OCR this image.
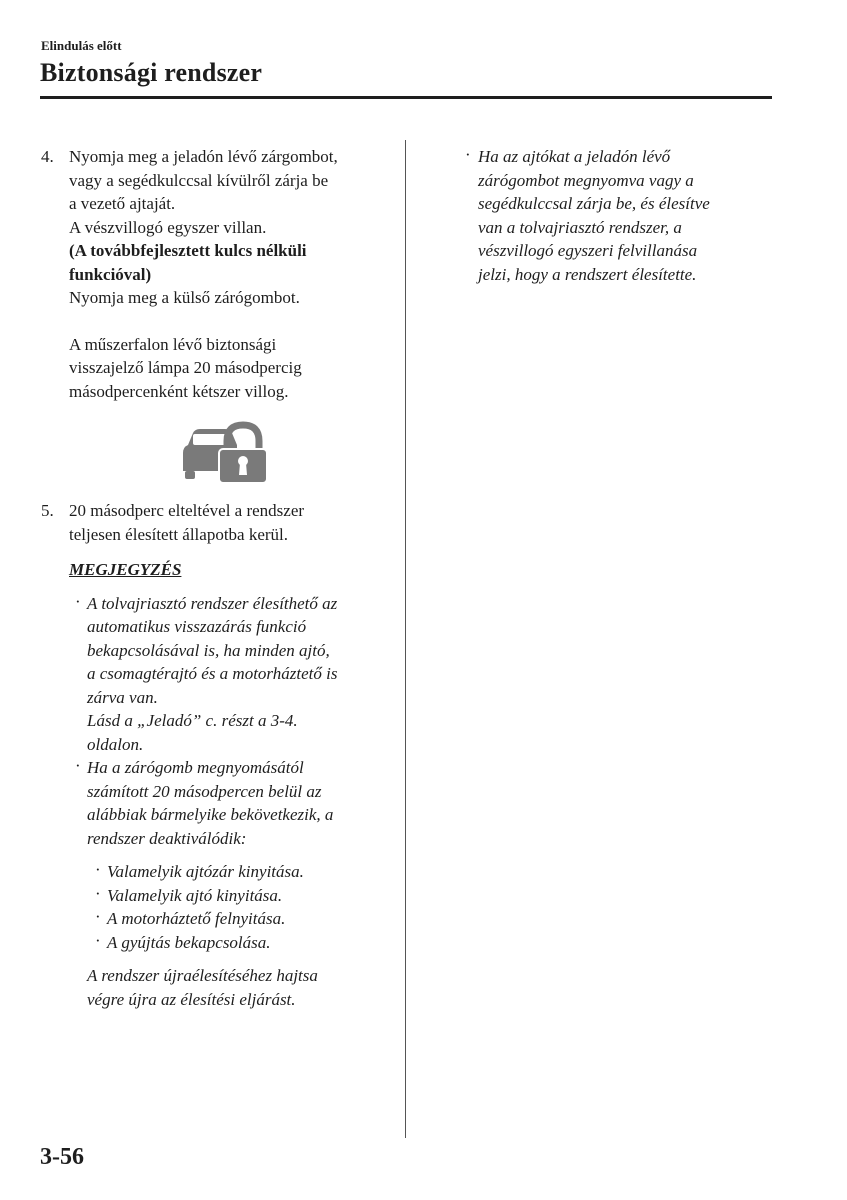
Elindulás előtt
Biztonsági rendszer
4. Nyomja meg a jeladón lévő zárgombot,
vagy a segédkulccsal kívülről zárja be
a vezető ajtaját.
A vészvillogó egyszer villan.
(A továbbfejlesztett kulcs nélküli
funkcióval)
Nyomja meg a külső zárógombot.
A műszerfalon lévő biztonsági
visszajelző lámpa 20 másodpercig
másodpercenként kétszer villog.
5. 20 másodperc elteltével a rendszer
teljesen élesített állapotba kerül.
MEGJEGYZÉS
· A tolvajriasztó rendszer élesíthető az
automatikus visszazárás funkció
bekapcsolásával is, ha minden ajtó,
a csomagtérajtó és a motorháztető is
zárva van.
Lásd a „Jeladó” c. részt a 3-4.
oldalon.
· Ha a zárógomb megnyomásától
számított 20 másodpercen belül az
alábbiak bármelyike bekövetkezik, a
rendszer deaktiválódik:
· Valamelyik ajtózár kinyitása.
· Valamelyik ajtó kinyitása.
· A motorháztető felnyitása.
· A gyújtás bekapcsolása.
A rendszer újraélesítéséhez hajtsa
végre újra az élesítési eljárást.
· Ha az ajtókat a jeladón lévő
zárógombot megnyomva vagy a
segédkulccsal zárja be, és élesítve
van a tolvajriasztó rendszer, a
vészvillogó egyszeri felvillanása
jelzi, hogy a rendszert élesítette.
3-56
